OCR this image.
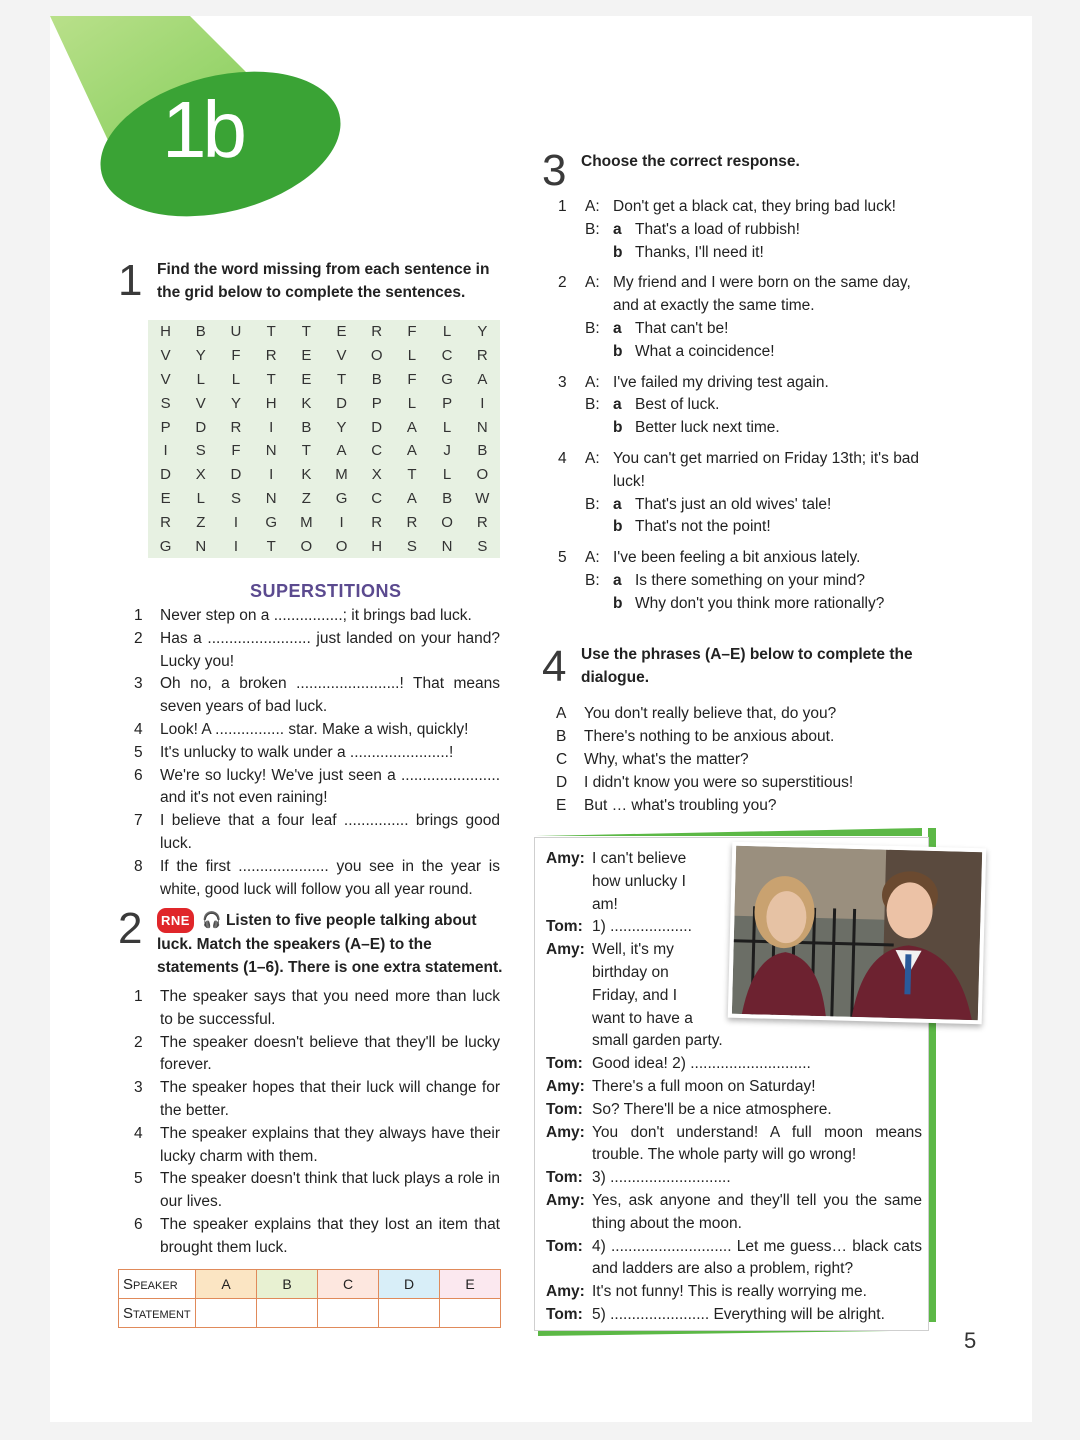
1b
1 Find the word missing from each sentence in the grid below to complete the sentences.
H	B	U	T	T	E	R	F	L	Y
V	Y	F	R	E	V	O	L	C	R
V	L	L	T	E	T	B	F	G	A
S	V	Y	H	K	D	P	L	P	I
P	D	R	I	B	Y	D	A	L	N
I	S	F	N	T	A	C	A	J	B
D	X	D	I	K	M	X	T	L	O
E	L	S	N	Z	G	C	A	B	W
R	Z	I	G	M	I	R	R	O	R
G	N	I	T	O	O	H	S	N	S
SUPERSTITIONS
1	Never step on a ................; it brings bad luck.
2	Has a ........................ just landed on your hand? Lucky you!
3	Oh no, a broken ........................! That means seven years of bad luck.
4	Look! A ................ star. Make a wish, quickly!
5	It's unlucky to walk under a .......................!
6	We're so lucky! We've just seen a ....................... and it's not even raining!
7	I believe that a four leaf ............... brings good luck.
8	If the first ..................... you see in the year is white, good luck will follow you all year round.
2	RNE 🎧 Listen to five people talking about luck. Match the speakers (A–E) to the statements (1–6). There is one extra statement.
1	The speaker says that you need more than luck to be successful.
2	The speaker doesn't believe that they'll be lucky forever.
3	The speaker hopes that their luck will change for the better.
4	The speaker explains that they always have their lucky charm with them.
5	The speaker doesn't think that luck plays a role in our lives.
6	The speaker explains that they lost an item that brought them luck.
Speaker	A	B	C	D	E
Statement					
3 Choose the correct response.
1	A: Don't get a black cat, they bring bad luck!
B: a That's a load of rubbish!
b Thanks, I'll need it!
2	A: My friend and I were born on the same day,
and at exactly the same time.
B: a That can't be!
b What a coincidence!
3	A: I've failed my driving test again.
B: a Best of luck.
b Better luck next time.
4	A: You can't get married on Friday 13th; it's bad
luck!
B: a That's just an old wives' tale!
b That's not the point!
5	A: I've been feeling a bit anxious lately.
B: a Is there something on your mind?
b Why don't you think more rationally?
4 Use the phrases (A–E) below to complete the dialogue.
A	You don't really believe that, do you?
B	There's nothing to be anxious about.
C	Why, what's the matter?
D	I didn't know you were so superstitious!
E	But … what's troubling you?
Amy: I can't believe
how unlucky I
am!
Tom: 1) ...................
Amy: Well, it's my
birthday on
Friday, and I
want to have a
small garden party.
Tom: Good idea! 2) ............................
Amy: There's a full moon on Saturday!
Tom: So? There'll be a nice atmosphere.
Amy: You don't understand! A full moon means trouble. The whole party will go wrong!
Tom: 3) ............................
Amy: Yes, ask anyone and they'll tell you the same thing about the moon.
Tom: 4) ............................ Let me guess… black cats and ladders are also a problem, right?
Amy: It's not funny! This is really worrying me.
Tom: 5) ....................... Everything will be alright.
5
